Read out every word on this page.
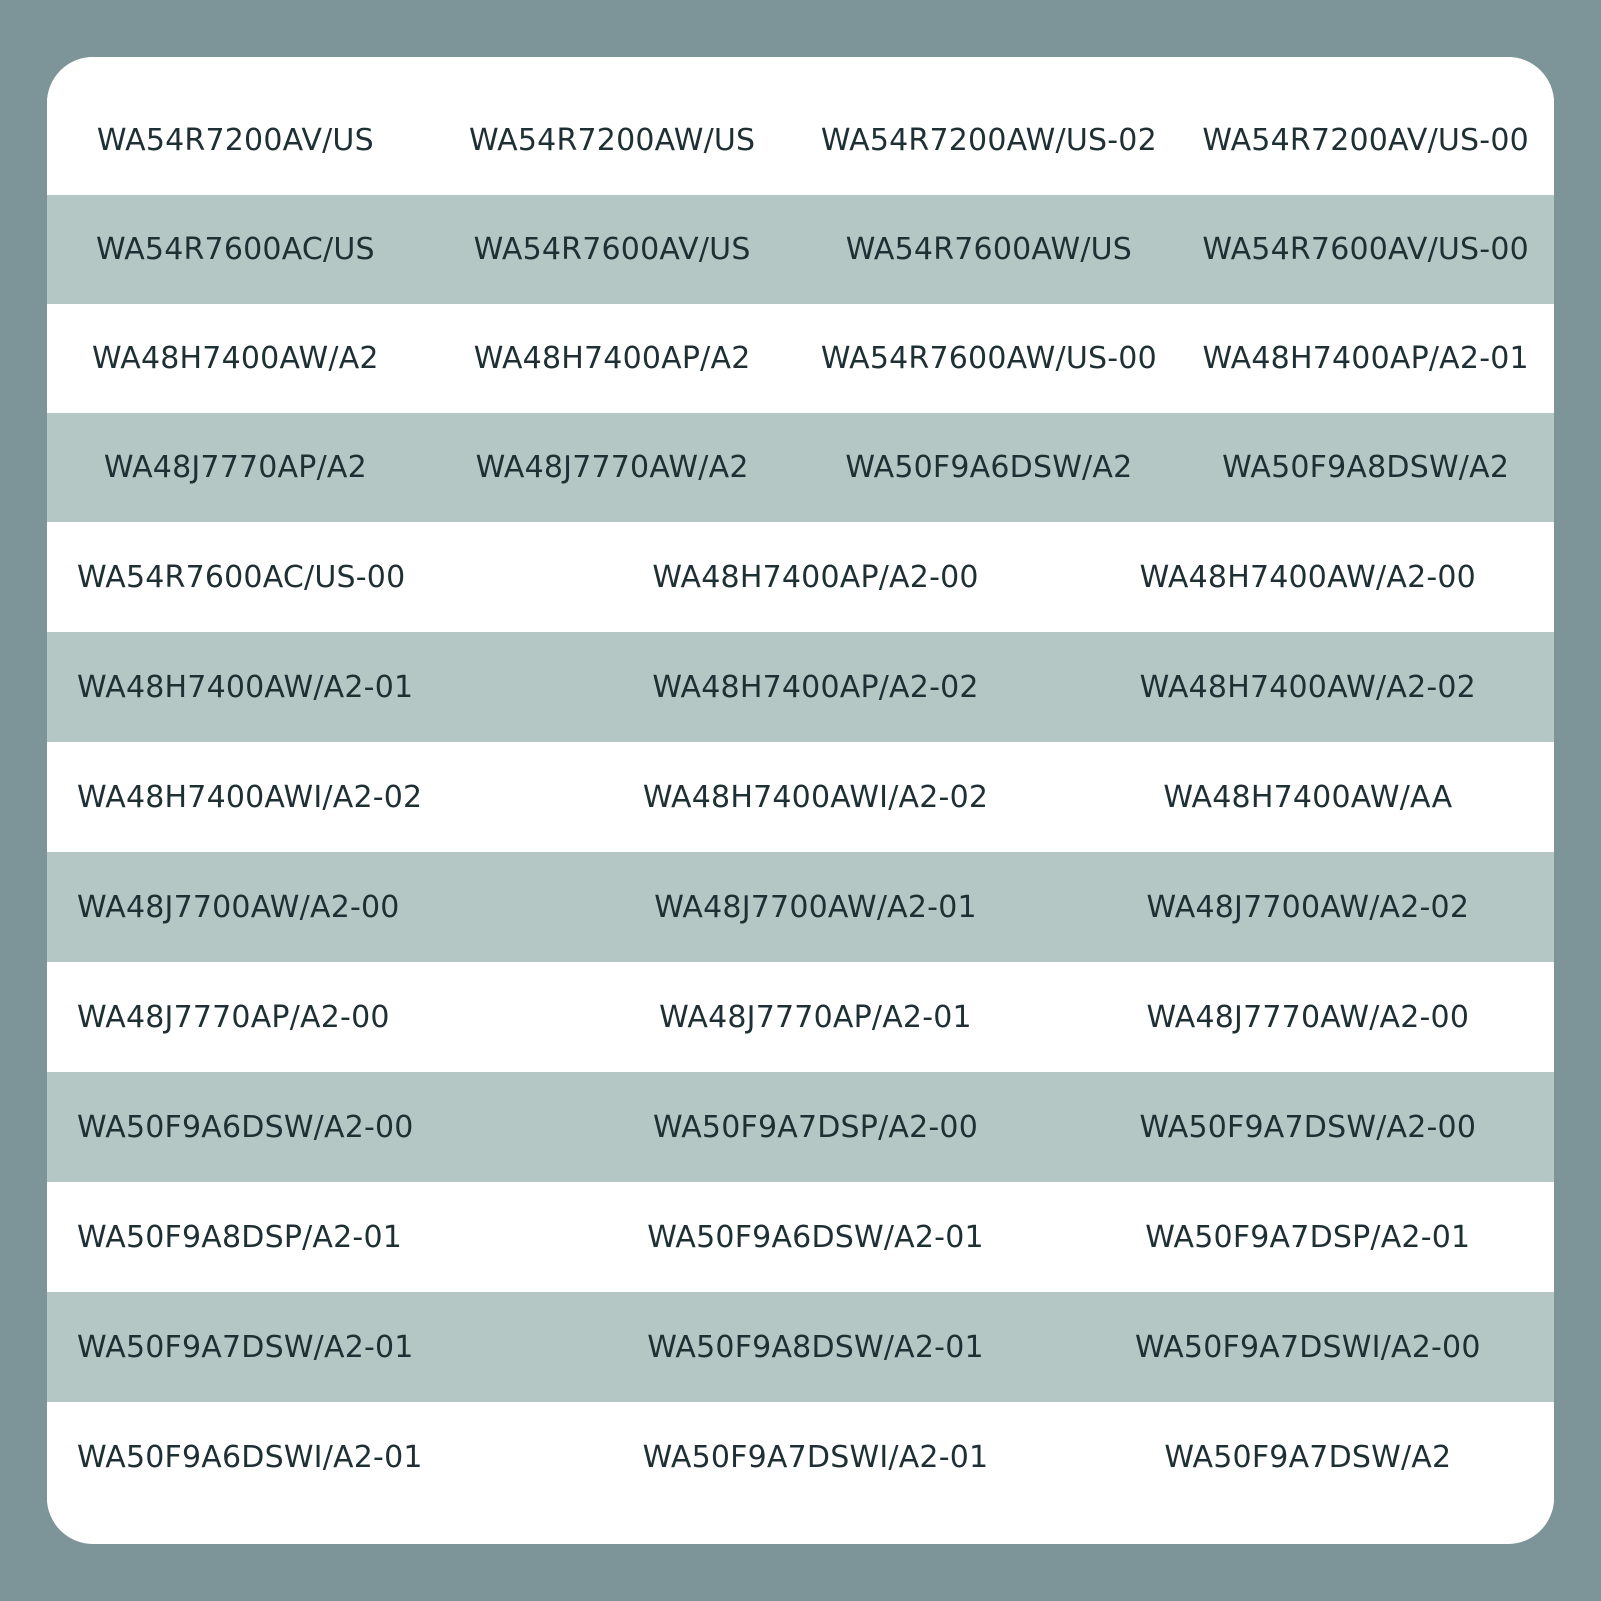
WA54R7200AV/US	WA54R7200AW/US	WA54R7200AW/US-02	WA54R7200AV/US-00
WA54R7600AC/US	WA54R7600AV/US	WA54R7600AW/US	WA54R7600AV/US-00
WA48H7400AW/A2	WA48H7400AP/A2	WA54R7600AW/US-00	WA48H7400AP/A2-01
WA48J7770AP/A2	WA48J7770AW/A2	WA50F9A6DSW/A2	WA50F9A8DSW/A2
WA54R7600AC/US-00	WA48H7400AP/A2-00	WA48H7400AW/A2-00
WA48H7400AW/A2-01	WA48H7400AP/A2-02	WA48H7400AW/A2-02
WA48H7400AWI/A2-02	WA48H7400AWI/A2-02	WA48H7400AW/AA
WA48J7700AW/A2-00	WA48J7700AW/A2-01	WA48J7700AW/A2-02
WA48J7770AP/A2-00	WA48J7770AP/A2-01	WA48J7770AW/A2-00
WA50F9A6DSW/A2-00	WA50F9A7DSP/A2-00	WA50F9A7DSW/A2-00
WA50F9A8DSP/A2-01	WA50F9A6DSW/A2-01	WA50F9A7DSP/A2-01
WA50F9A7DSW/A2-01	WA50F9A8DSW/A2-01	WA50F9A7DSWI/A2-00
WA50F9A6DSWI/A2-01	WA50F9A7DSWI/A2-01	WA50F9A7DSW/A2
